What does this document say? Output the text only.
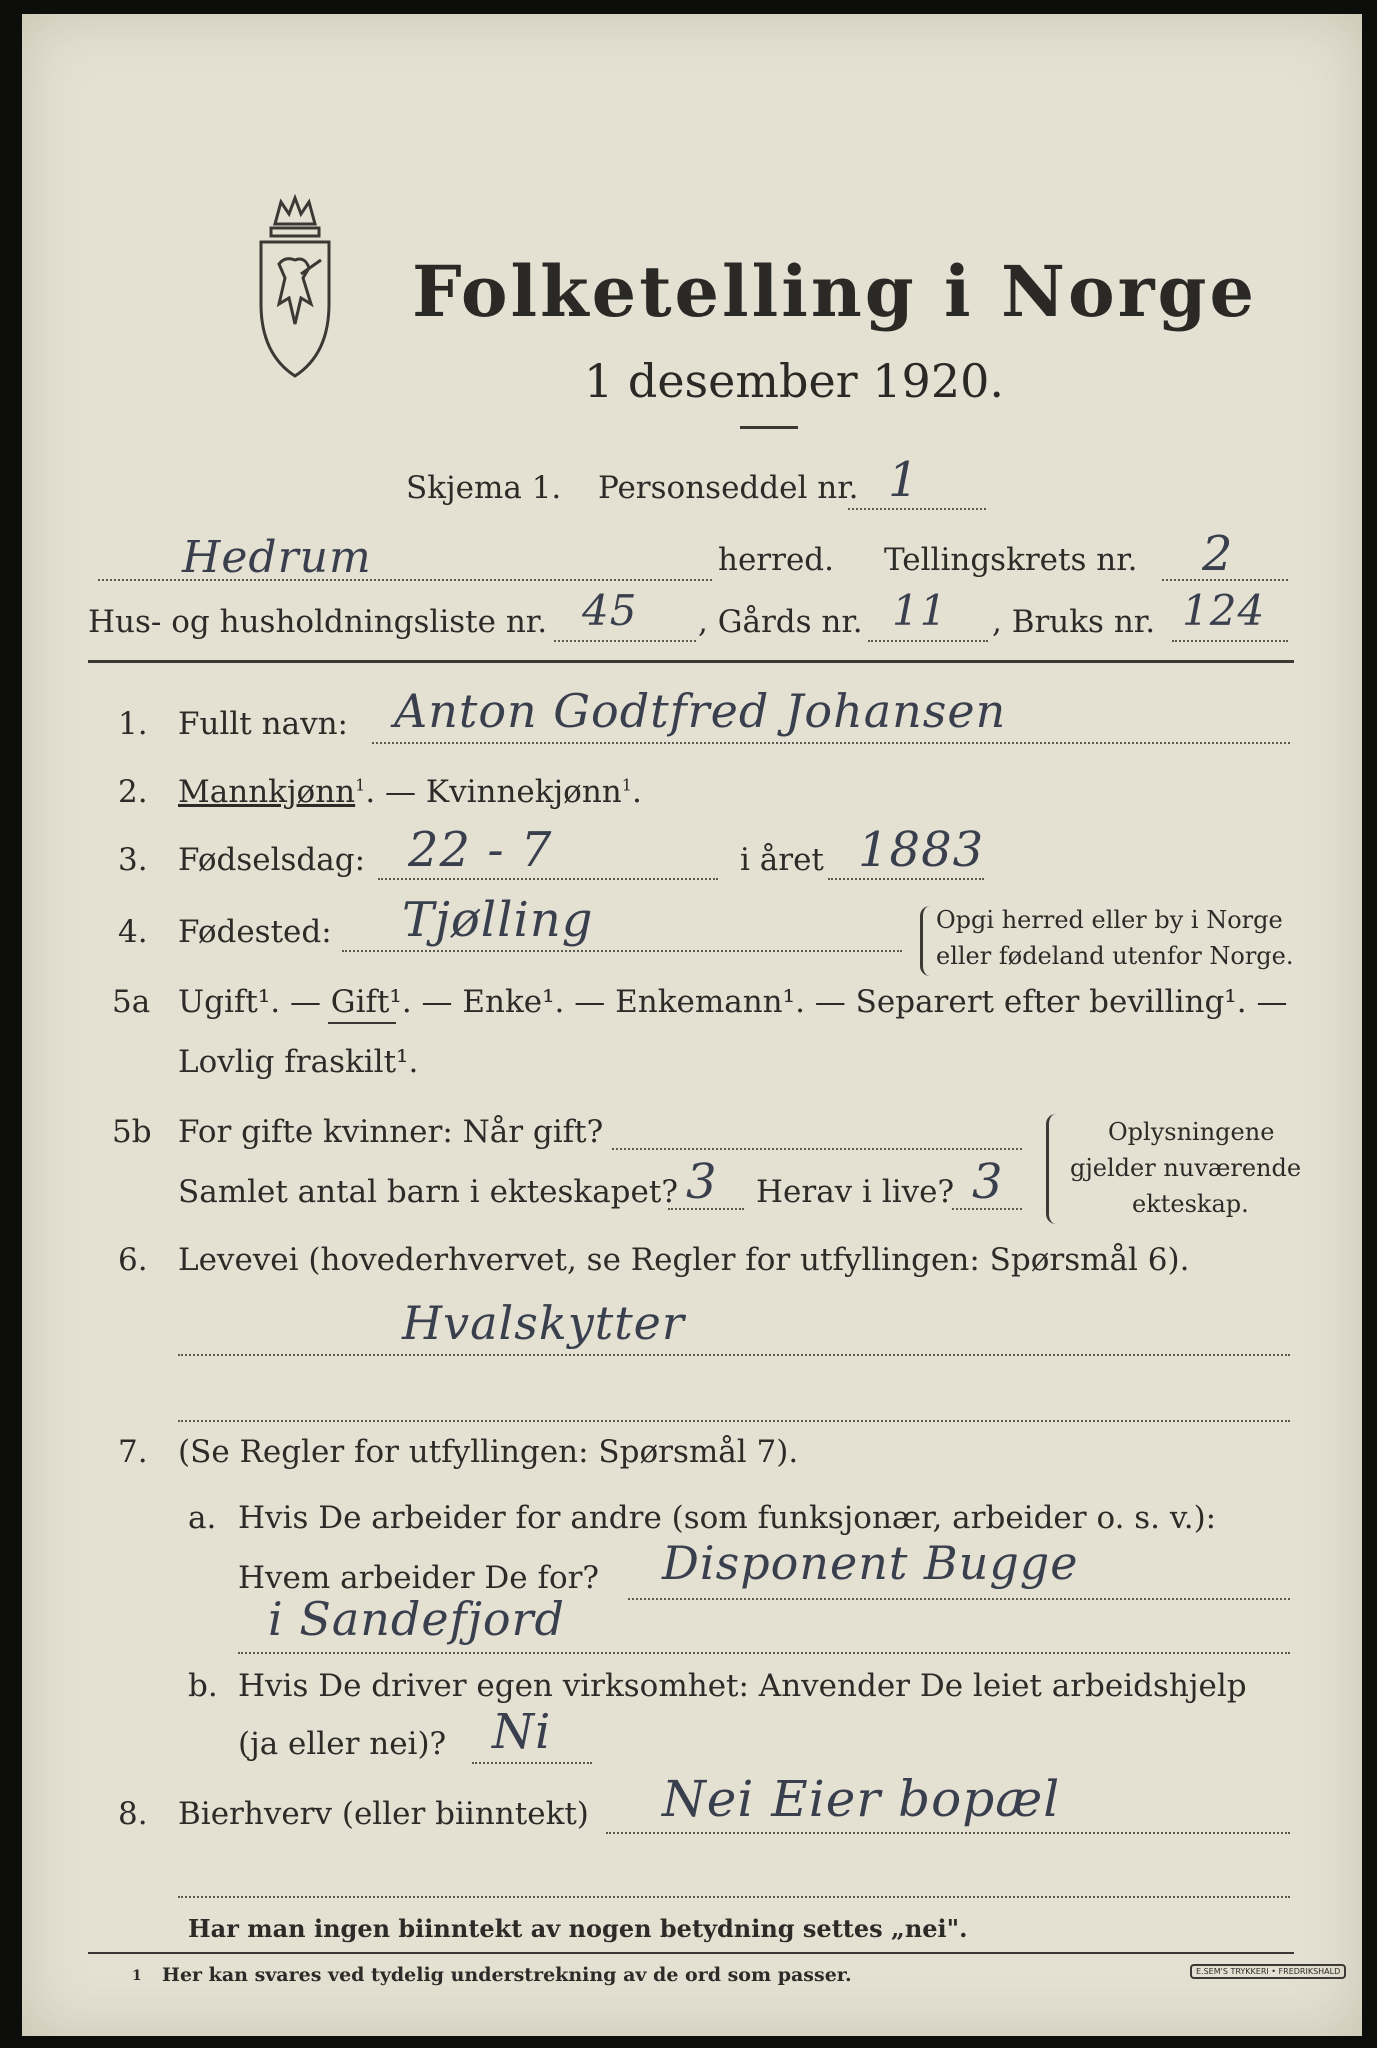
Folketelling i Norge
1 desember 1920.
Skjema 1. Personseddel nr. 1
Hedrum	herred. Tellingskrets nr. 2
Hus- og husholdningsliste nr. 45 , Gårds nr. 11 , Bruks nr. 124
1. Fullt navn: Anton Godtfred Johansen
2. Mannkjønn$^1$. — Kvinnekjønn$^1$.
3. Fødselsdag: 22 - 7	i året 1883
4. Fødested: Tjølling	Opgi herred eller by i Norge
eller fødeland utenfor Norge.
5a Ugift¹. — Gift¹. — Enke¹. — Enkemann¹. — Separert efter bevilling¹. —
Lovlig fraskilt¹.
5b For gifte kvinner: Når gift?
Samlet antal barn i ekteskapet? 3 Herav i live? 3
Oplysningene
gjelder nuværende
ekteskap.
6. Levevei (hovederhvervet, se Regler for utfyllingen: Spørsmål 6).
Hvalskytter
7. (Se Regler for utfyllingen: Spørsmål 7).
a. Hvis De arbeider for andre (som funksjonær, arbeider o. s. v.):
Hvem arbeider De for? Disponent Bugge
i Sandefjord
b. Hvis De driver egen virksomhet: Anvender De leiet arbeidshjelp
(ja eller nei)? Ni
8. Bierhverv (eller biinntekt) Nei Eier bopæl
Har man ingen biinntekt av nogen betydning settes „nei".
1 Her kan svares ved tydelig understrekning av de ord som passer.	E.SEM'S TRYKKERI • FREDRIKSHALD
